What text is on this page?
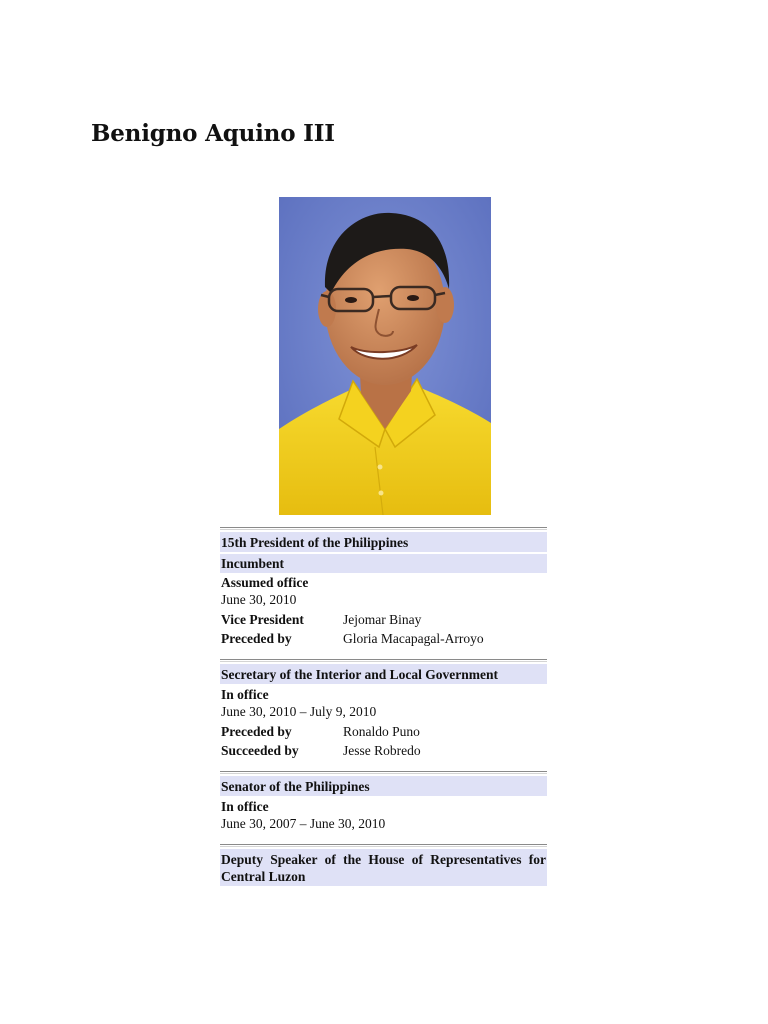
Benigno Aquino III
15th President of the Philippines
Incumbent
Assumed office
June 30, 2010
Vice President	Jejomar Binay
Preceded by	Gloria Macapagal-Arroyo
Secretary of the Interior and Local Government
In office
June 30, 2010 – July 9, 2010
Preceded by	Ronaldo Puno
Succeeded by	Jesse Robredo
Senator of the Philippines
In office
June 30, 2007 – June 30, 2010
Deputy Speaker of the House of Representatives for Central Luzon
